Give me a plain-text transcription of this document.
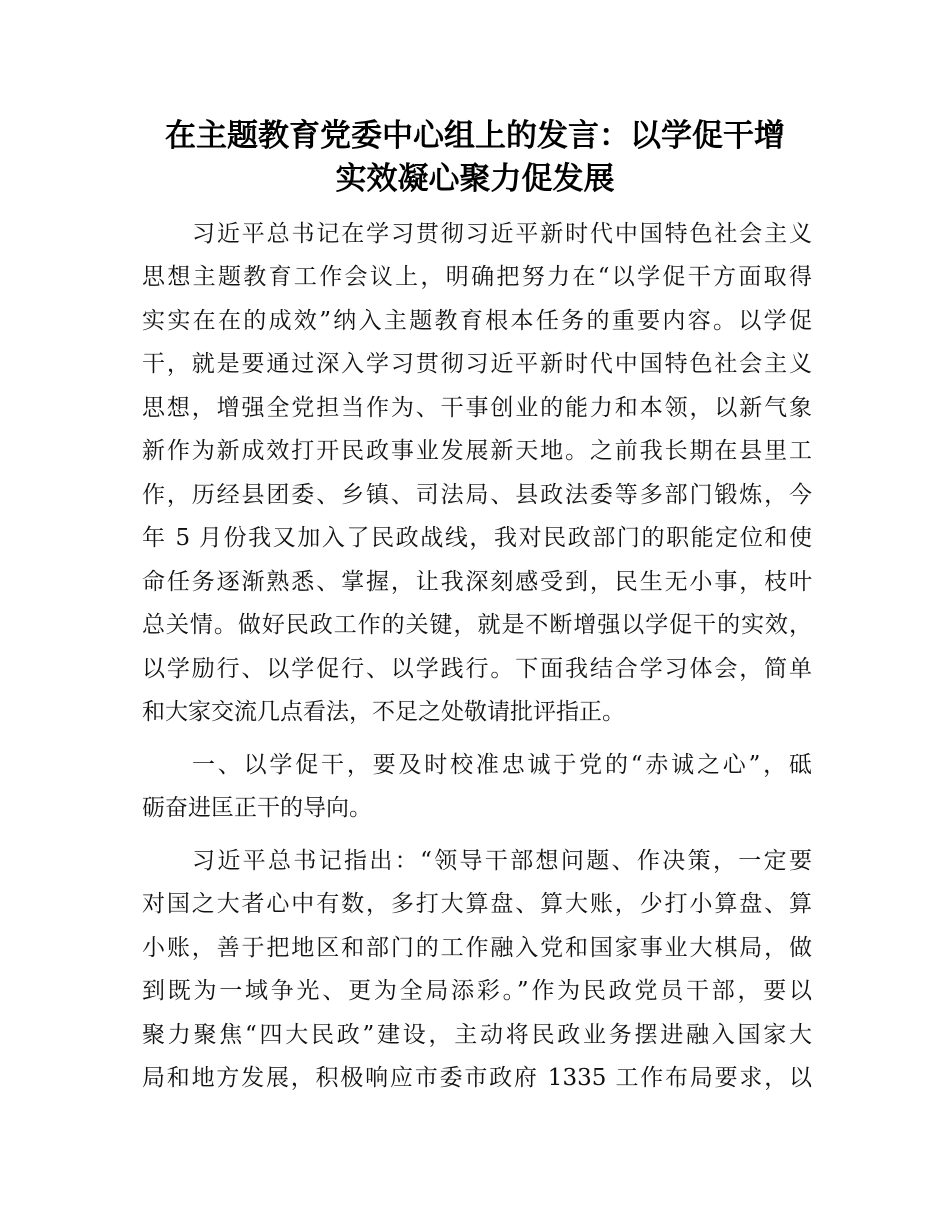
在主题教育党委中心组上的发言：以学促干增
实效凝心聚力促发展
习近平总书记在学习贯彻习近平新时代中国特色社会主义
思想主题教育工作会议上，明确把努力在“以学促干方面取得
实实在在的成效”纳入主题教育根本任务的重要内容。以学促
干，就是要通过深入学习贯彻习近平新时代中国特色社会主义
思想，增强全党担当作为、干事创业的能力和本领，以新气象
新作为新成效打开民政事业发展新天地。之前我长期在县里工
作，历经县团委、乡镇、司法局、县政法委等多部门锻炼，今
年 5 月份我又加入了民政战线，我对民政部门的职能定位和使
命任务逐渐熟悉、掌握，让我深刻感受到，民生无小事，枝叶
总关情。做好民政工作的关键，就是不断增强以学促干的实效，
以学励行、以学促行、以学践行。下面我结合学习体会，简单
和大家交流几点看法，不足之处敬请批评指正。
一、以学促干，要及时校准忠诚于党的“赤诚之心”，砥
砺奋进匡正干的导向。
习近平总书记指出：“领导干部想问题、作决策，一定要
对国之大者心中有数，多打大算盘、算大账，少打小算盘、算
小账，善于把地区和部门的工作融入党和国家事业大棋局，做
到既为一域争光、更为全局添彩。”作为民政党员干部，要以
聚力聚焦“四大民政”建设，主动将民政业务摆进融入国家大
局和地方发展，积极响应市委市政府 1335 工作布局要求，以
